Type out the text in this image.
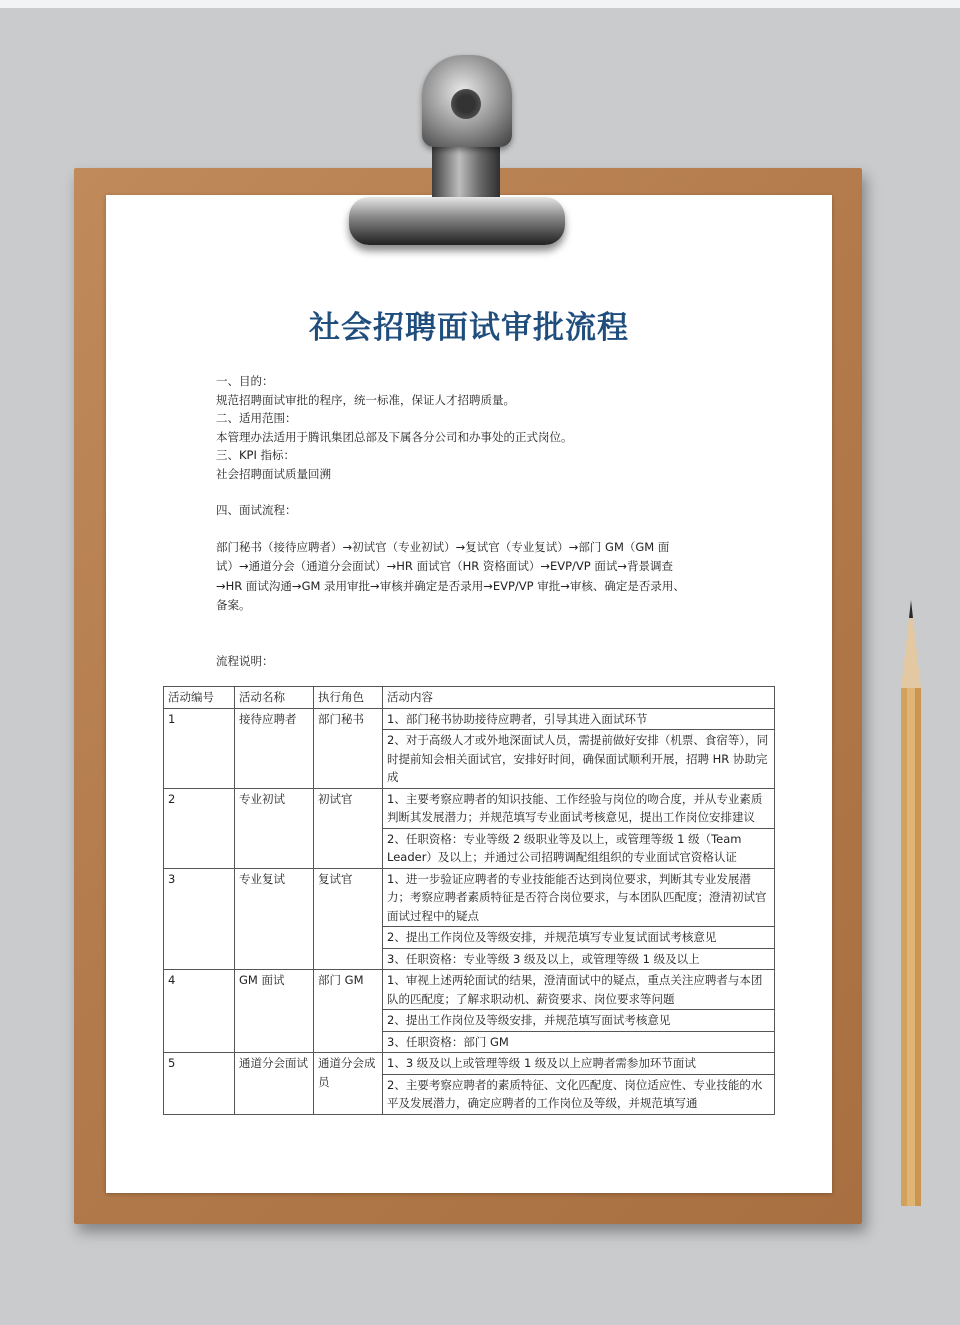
社会招聘面试审批流程

一、目的：

规范招聘面试审批的程序，统一标准，保证人才招聘质量。

二、适用范围：

本管理办法适用于腾讯集团总部及下属各分公司和办事处的正式岗位。

三、KPI 指标：

社会招聘面试质量回溯

四、面试流程：

部门秘书（接待应聘者）→初试官（专业初试）→复试官（专业复试）→部门 GM（GM 面

试）→通道分会（通道分会面试）→HR 面试官（HR 资格面试）→EVP/VP 面试→背景调查

→HR 面试沟通→GM 录用审批→审核并确定是否录用→EVP/VP 审批→审核、确定是否录用、

备案。

流程说明：

活动编号	活动名称	执行角色	活动内容
1	接待应聘者	部门秘书	1、部门秘书协助接待应聘者，引导其进入面试环节
			2、对于高级人才或外地深面试人员，需提前做好安排（机票、食宿等），同时提前知会相关面试官，安排好时间，确保面试顺利开展，招聘 HR 协助完成
2	专业初试	初试官	1、主要考察应聘者的知识技能、工作经验与岗位的吻合度，并从专业素质判断其发展潜力；并规范填写专业面试考核意见，提出工作岗位安排建议
			2、任职资格：专业等级 2 级职业等及以上，或管理等级 1 级（Team Leader）及以上；并通过公司招聘调配组组织的专业面试官资格认证
3	专业复试	复试官	1、进一步验证应聘者的专业技能能否达到岗位要求，判断其专业发展潜力；考察应聘者素质特征是否符合岗位要求，与本团队匹配度；澄清初试官面试过程中的疑点
			2、提出工作岗位及等级安排，并规范填写专业复试面试考核意见
			3、任职资格：专业等级 3 级及以上，或管理等级 1 级及以上
4	GM 面试	部门 GM	1、审视上述两轮面试的结果，澄清面试中的疑点，重点关注应聘者与本团队的匹配度；了解求职动机、薪资要求、岗位要求等问题
			2、提出工作岗位及等级安排，并规范填写面试考核意见
			3、任职资格：部门 GM
5	通道分会面试	通道分会成员	1、3 级及以上或管理等级 1 级及以上应聘者需参加环节面试
			2、主要考察应聘者的素质特征、文化匹配度、岗位适应性、专业技能的水平及发展潜力，确定应聘者的工作岗位及等级，并规范填写通
